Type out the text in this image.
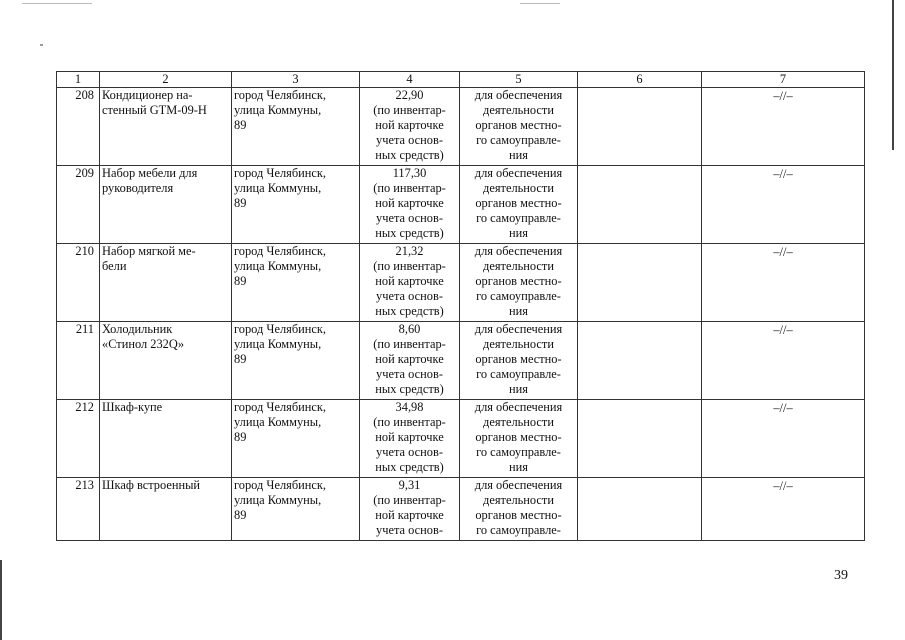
1	2	3	4	5	6	7
208	Кондиционер на-
стенный GTM-09-H	город Челябинск,
улица Коммуны,
89	22,90
(по инвентар-
ной карточке
учета основ-
ных средств)	для обеспечения
деятельности
органов местно-
го самоуправле-
ния		–//–
209	Набор мебели для
руководителя	город Челябинск,
улица Коммуны,
89	117,30
(по инвентар-
ной карточке
учета основ-
ных средств)	для обеспечения
деятельности
органов местно-
го самоуправле-
ния		–//–
210	Набор мягкой ме-
бели	город Челябинск,
улица Коммуны,
89	21,32
(по инвентар-
ной карточке
учета основ-
ных средств)	для обеспечения
деятельности
органов местно-
го самоуправле-
ния		–//–
211	Холодильник
«Стинол 232Q»	город Челябинск,
улица Коммуны,
89	8,60
(по инвентар-
ной карточке
учета основ-
ных средств)	для обеспечения
деятельности
органов местно-
го самоуправле-
ния		–//–
212	Шкаф-купе	город Челябинск,
улица Коммуны,
89	34,98
(по инвентар-
ной карточке
учета основ-
ных средств)	для обеспечения
деятельности
органов местно-
го самоуправле-
ния		–//–
213	Шкаф встроенный	город Челябинск,
улица Коммуны,
89	9,31
(по инвентар-
ной карточке
учета основ-	для обеспечения
деятельности
органов местно-
го самоуправле-		–//–
39
